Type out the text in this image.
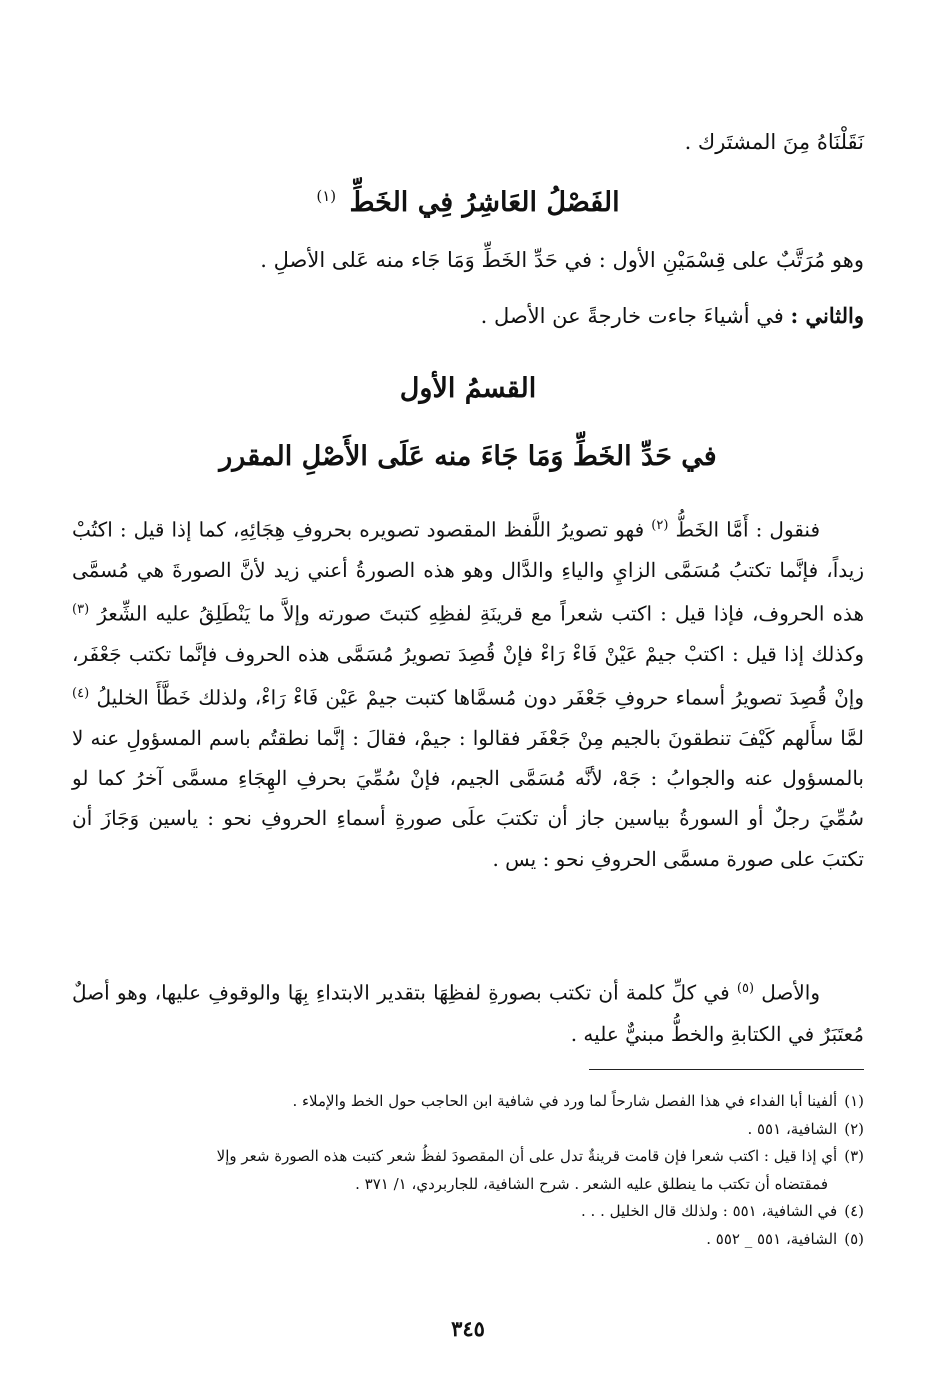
نَقَلْنَاهُ مِنَ المشتَرك .
الفَصْلُ العَاشِرُ فِي الخَطِّ $^{(١)}$
وهو مُرَتَّبٌ على قِسْمَيْنِ الأول : في حَدِّ الخَطِّ وَمَا جَاء منه عَلى الأصلِ .
والثاني : في أشياءَ جاءت خارجةً عن الأصل .
القسمُ الأول
في حَدِّ الخَطِّ وَمَا جَاءَ منه عَلَى الأَصْلِ المقرر
فنقول : أَمَّا الخَطُّ $^{(٢)}$ فهو تصويرُ اللَّفظ المقصود تصويره بحروفِ هِجَائِهِ، كما إذا قيل : اكتُبْ زيداً، فإنَّما تكتبُ مُسَمَّى الزايِ والياءِ والدَّال وهو هذه الصورةُ أعني زيد لأنَّ الصورةَ هي مُسمَّى هذه الحروف، فإذا قيل : اكتب شعراً مع قرينَةِ لفظِهِ كتبتَ صورته وإلاَّ ما يَنْطَلِقُ عليه الشِّعرُ $^{(٣)}$ وكذلك إذا قيل : اكتبْ جيمْ عَيْنْ فَاءْ رَاءْ فإنْ قُصِدَ تصويرُ مُسَمَّى هذه الحروف فإنَّما تكتب جَعْفَر، وإنْ قُصِدَ تصويرُ أسماء حروفِ جَعْفَر دون مُسمَّاها كتبت جيمْ عَيْن فَاءْ رَاءْ، ولذلك خَطَّأَ الخليلُ $^{(٤)}$ لمَّا سأَلهم كَيْفَ تنطقونَ بالجيم مِنْ جَعْفَر فقالوا : جيمْ، فقالَ : إنَّما نطقتُم باسم المسؤولِ عنه لا بالمسؤول عنه والجوابُ : جَهْ، لأنَّه مُسَمَّى الجيم، فإنْ سُمِّيَ بحرفِ الهِجَاءِ مسمَّى آخرُ كما لو سُمِّيَ رجلٌ أو السورةُ بياسين جاز أن تكتبَ علَى صورةِ أسماءِ الحروفِ نحو : ياسين وَجَازَ أن تكتبَ على صورة مسمَّى الحروفِ نحو : يس .
والأصل $^{(٥)}$ في كلِّ كلمة أن تكتب بصورةِ لفظِهَا بتقدير الابتداءِ بِهَا والوقوفِ عليها، وهو أصلٌ مُعتَبَرٌ في الكتابةِ والخطُّ مبنيٌّ عليه .

(١) ألفينا أبا الفداء في هذا الفصل شارحاً لما ورد في شافية ابن الحاجب حول الخط والإملاء .

(٢) الشافية، ٥٥١ .

(٣) أي إذا قيل : اكتب شعرا فإن قامت قرينةٌ تدل على أن المقصودَ لفظُ شعر كتبت هذه الصورة شعر وإلا

فمقتضاه أن تكتب ما ينطلق عليه الشعر . شرح الشافية، للجاربردي، ١/ ٣٧١ .

(٤) في الشافية، ٥٥١ : ولذلك قال الخليل . . .

(٥) الشافية، ٥٥١ _ ٥٥٢ .

٣٤٥
